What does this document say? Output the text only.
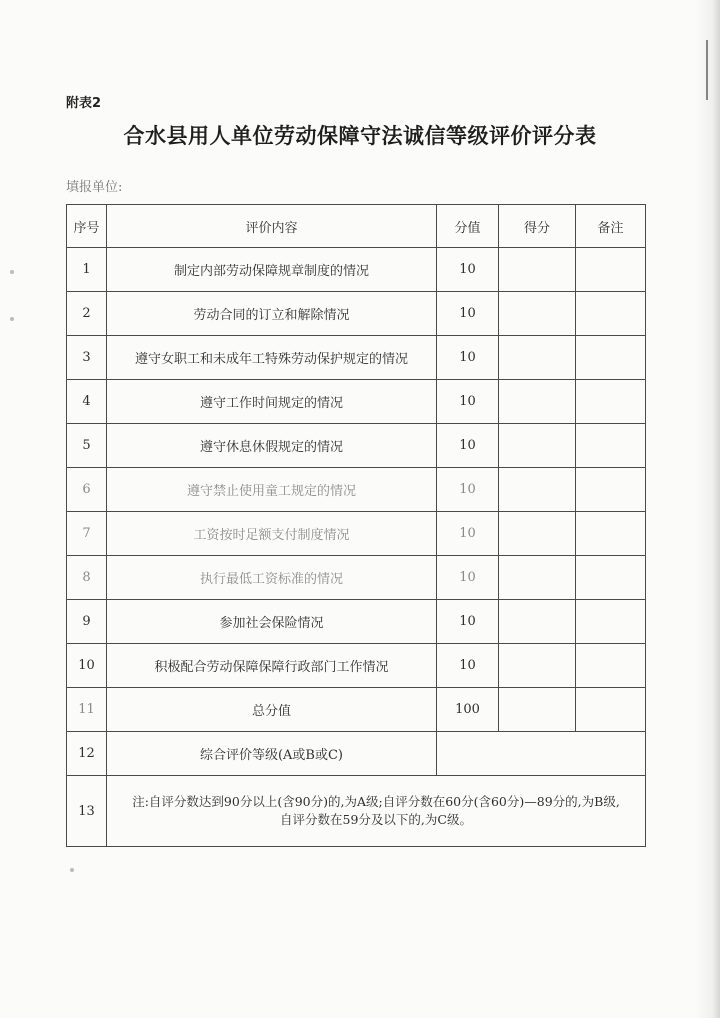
附表2
合水县用人单位劳动保障守法诚信等级评价评分表
填报单位:
序号	评价内容	分值	得分	备注
1	制定内部劳动保障规章制度的情况	10		
2	劳动合同的订立和解除情况	10		
3	遵守女职工和未成年工特殊劳动保护规定的情况	10		
4	遵守工作时间规定的情况	10		
5	遵守休息休假规定的情况	10		
6	遵守禁止使用童工规定的情况	10		
7	工资按时足额支付制度情况	10		
8	执行最低工资标准的情况	10		
9	参加社会保险情况	10		
10	积极配合劳动保障保障行政部门工作情况	10		
11	总分值	100		
12	综合评价等级(A或B或C)			
13	注:自评分数达到90分以上(含90分)的,为A级;自评分数在60分(含60分)—89分的,为B级,
自评分数在59分及以下的,为C级。			
